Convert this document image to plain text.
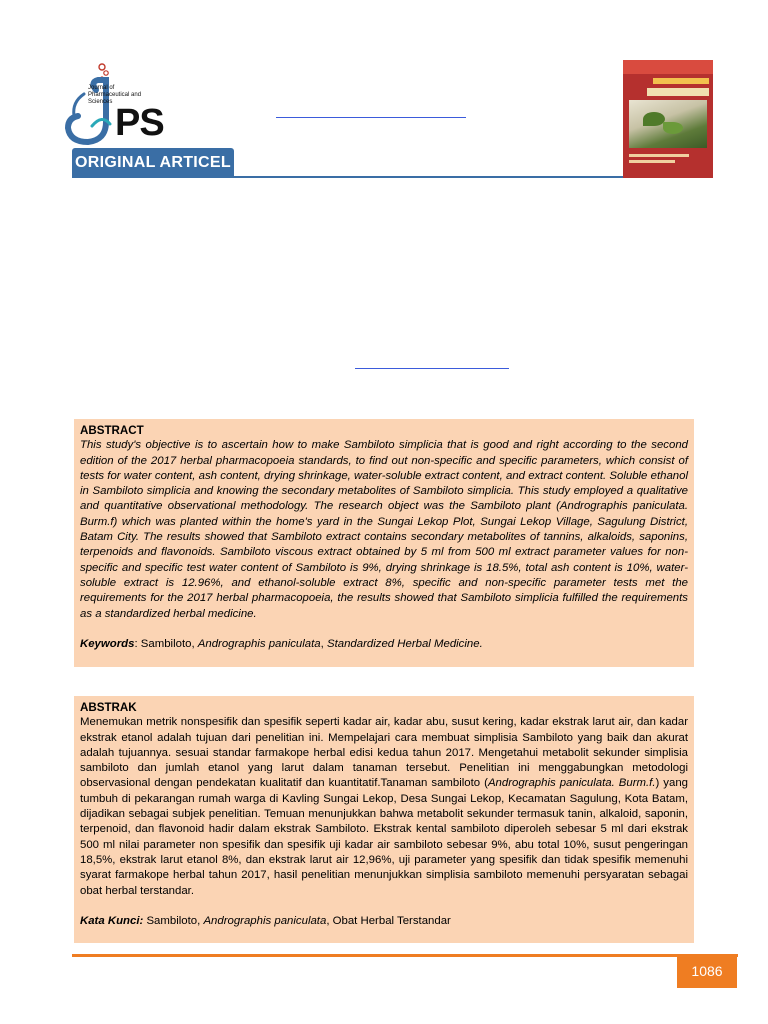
Journal of
Pharmaceutical and
Sciences PS
ORIGINAL ARTICEL

ABSTRACT

This study's objective is to ascertain how to make Sambiloto simplicia that is good and right according to the second edition of the 2017 herbal pharmacopoeia standards, to find out non-specific and specific parameters, which consist of tests for water content, ash content, drying shrinkage, water-soluble extract content, and extract content. Soluble ethanol in Sambiloto simplicia and knowing the secondary metabolites of Sambiloto simplicia. This study employed a qualitative and quantitative observational methodology. The research object was the Sambiloto plant (Andrographis paniculata. Burm.f) which was planted within the home's yard in the Sungai Lekop Plot, Sungai Lekop Village, Sagulung District, Batam City. The results showed that Sambiloto extract contains secondary metabolites of tannins, alkaloids, saponins, terpenoids and flavonoids. Sambiloto viscous extract obtained by 5 ml from 500 ml extract parameter values for non-specific and specific test water content of Sambiloto is 9%, drying shrinkage is 18.5%, total ash content is 10%, water-soluble extract is 12.96%, and ethanol-soluble extract 8%, specific and non-specific parameter tests met the requirements for the 2017 herbal pharmacopoeia, the results showed that Sambiloto simplicia fulfilled the requirements as a standardized herbal medicine.

Keywords: Sambiloto, Andrographis paniculata, Standardized Herbal Medicine.

ABSTRAK

Menemukan metrik nonspesifik dan spesifik seperti kadar air, kadar abu, susut kering, kadar ekstrak larut air, dan kadar ekstrak etanol adalah tujuan dari penelitian ini. Mempelajari cara membuat simplisia Sambiloto yang baik dan akurat adalah tujuannya. sesuai standar farmakope herbal edisi kedua tahun 2017. Mengetahui metabolit sekunder simplisia sambiloto dan jumlah etanol yang larut dalam tanaman tersebut. Penelitian ini menggabungkan metodologi observasional dengan pendekatan kualitatif dan kuantitatif.Tanaman sambiloto (Andrographis paniculata. Burm.f.) yang tumbuh di pekarangan rumah warga di Kavling Sungai Lekop, Desa Sungai Lekop, Kecamatan Sagulung, Kota Batam, dijadikan sebagai subjek penelitian. Temuan menunjukkan bahwa metabolit sekunder termasuk tanin, alkaloid, saponin, terpenoid, dan flavonoid hadir dalam ekstrak Sambiloto. Ekstrak kental sambiloto diperoleh sebesar 5 ml dari ekstrak 500 ml nilai parameter non spesifik dan spesifik uji kadar air sambiloto sebesar 9%, abu total 10%, susut pengeringan 18,5%, ekstrak larut etanol 8%, dan ekstrak larut air 12,96%, uji parameter yang spesifik dan tidak spesifik memenuhi syarat farmakope herbal tahun 2017, hasil penelitian menunjukkan simplisia sambiloto memenuhi persyaratan sebagai obat herbal terstandar.

Kata Kunci: Sambiloto, Andrographis paniculata, Obat Herbal Terstandar

1086
